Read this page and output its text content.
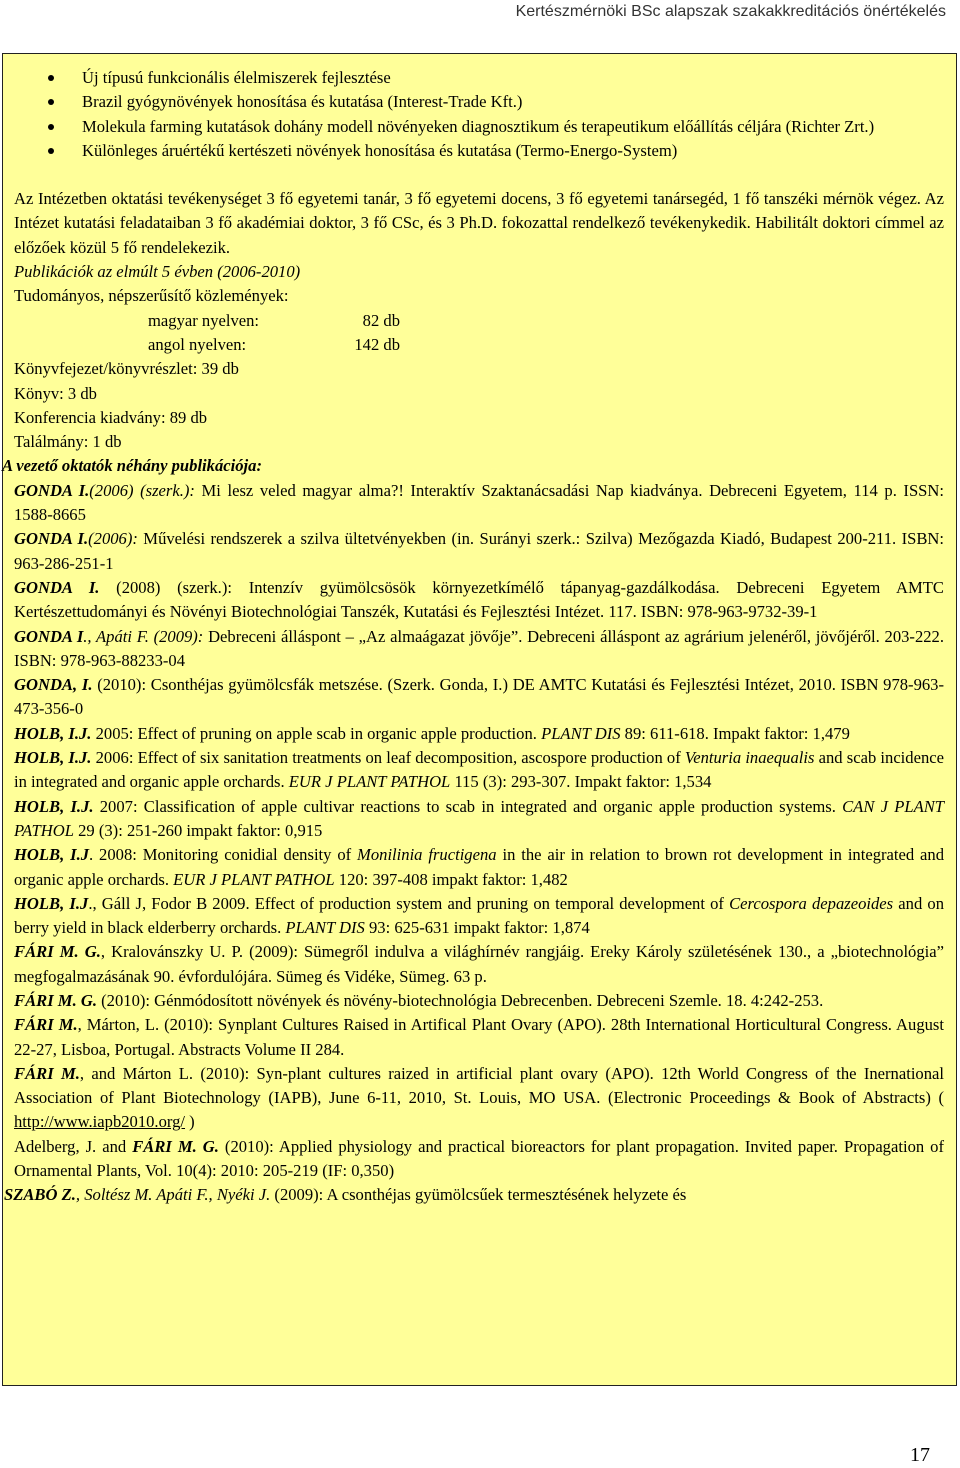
Kertészmérnöki BSc alapszak szakakkreditációs önértékelés
Új típusú funkcionális élelmiszerek fejlesztése
Brazil gyógynövények honosítása és kutatása (Interest-Trade Kft.)
Molekula farming kutatások dohány modell növényeken diagnosztikum és terapeutikum előállítás céljára (Richter Zrt.)
Különleges áruértékű kertészeti növények honosítása és kutatása (Termo-Energo-System)

Az Intézetben oktatási tevékenységet 3 fő egyetemi tanár, 3 fő egyetemi docens, 3 fő egyetemi tanársegéd, 1 fő tanszéki mérnök végez. Az Intézet kutatási feladataiban 3 fő akadémiai doktor, 3 fő CSc, és 3 Ph.D. fokozattal rendelkező tevékenykedik. Habilitált doktori címmel az előzőek közül 5 fő rendelekezik.

Publikációk az elmúlt 5 évben (2006-2010)
Tudományos, népszerűsítő közlemények:
magyar nyelven:	82 db
angol nyelven:	142 db
Könyvfejezet/könyvrészlet: 39 db
Könyv: 3 db
Konferencia kiadvány: 89 db
Találmány: 1 db
A vezető oktatók néhány publikációja:

GONDA I.(2006) (szerk.): Mi lesz veled magyar alma?! Interaktív Szaktanácsadási Nap kiadványa. Debreceni Egyetem, 114 p. ISSN: 1588-8665

GONDA I.(2006): Művelési rendszerek a szilva ültetvényekben (in. Surányi szerk.: Szilva) Mezőgazda Kiadó, Budapest 200-211. ISBN: 963-286-251-1

GONDA I. (2008) (szerk.): Intenzív gyümölcsösök környezetkímélő tápanyag-gazdálkodása. Debreceni Egyetem AMTC Kertészettudományi és Növényi Biotechnológiai Tanszék, Kutatási és Fejlesztési Intézet. 117. ISBN: 978-963-9732-39-1

GONDA I., Apáti F. (2009): Debreceni álláspont – „Az almaágazat jövője”. Debreceni álláspont az agrárium jelenéről, jövőjéről. 203-222. ISBN: 978-963-88233-04

GONDA, I. (2010): Csonthéjas gyümölcsfák metszése. (Szerk. Gonda, I.) DE AMTC Kutatási és Fejlesztési Intézet, 2010. ISBN 978-963-473-356-0

HOLB, I.J. 2005: Effect of pruning on apple scab in organic apple production. PLANT DIS 89: 611-618. Impakt faktor: 1,479

HOLB, I.J. 2006: Effect of six sanitation treatments on leaf decomposition, ascospore production of Venturia inaequalis and scab incidence in integrated and organic apple orchards. EUR J PLANT PATHOL 115 (3): 293-307. Impakt faktor: 1,534

HOLB, I.J. 2007: Classification of apple cultivar reactions to scab in integrated and organic apple production systems. CAN J PLANT PATHOL 29 (3): 251-260 impakt faktor: 0,915

HOLB, I.J. 2008: Monitoring conidial density of Monilinia fructigena in the air in relation to brown rot development in integrated and organic apple orchards. EUR J PLANT PATHOL 120: 397-408 impakt faktor: 1,482

HOLB, I.J., Gáll J, Fodor B 2009. Effect of production system and pruning on temporal development of Cercospora depazeoides and on berry yield in black elderberry orchards. PLANT DIS 93: 625-631 impakt faktor: 1,874

FÁRI M. G., Kralovánszky U. P. (2009): Sümegről indulva a világhírnév rangjáig. Ereky Károly születésének 130., a „biotechnológia” megfogalmazásának 90. évfordulójára. Sümeg és Vidéke, Sümeg. 63 p.

FÁRI M. G. (2010): Génmódosított növények és növény-biotechnológia Debrecenben. Debreceni Szemle. 18. 4:242-253.

FÁRI M., Márton, L. (2010): Synplant Cultures Raised in Artifical Plant Ovary (APO). 28th International Horticultural Congress. August 22-27, Lisboa, Portugal. Abstracts Volume II 284.

FÁRI M., and Márton L. (2010): Syn-plant cultures raized in artificial plant ovary (APO). 12th World Congress of the Inernational Association of Plant Biotechnology (IAPB), June 6-11, 2010, St. Louis, MO USA. (Electronic Proceedings & Book of Abstracts) ( http://www.iapb2010.org/ )

Adelberg, J. and FÁRI M. G. (2010): Applied physiology and practical bioreactors for plant propagation. Invited paper. Propagation of Ornamental Plants, Vol. 10(4): 2010: 205-219 (IF: 0,350)

SZABÓ Z., Soltész M. Apáti F., Nyéki J. (2009): A csonthéjas gyümölcsűek termesztésének helyzete és

17
